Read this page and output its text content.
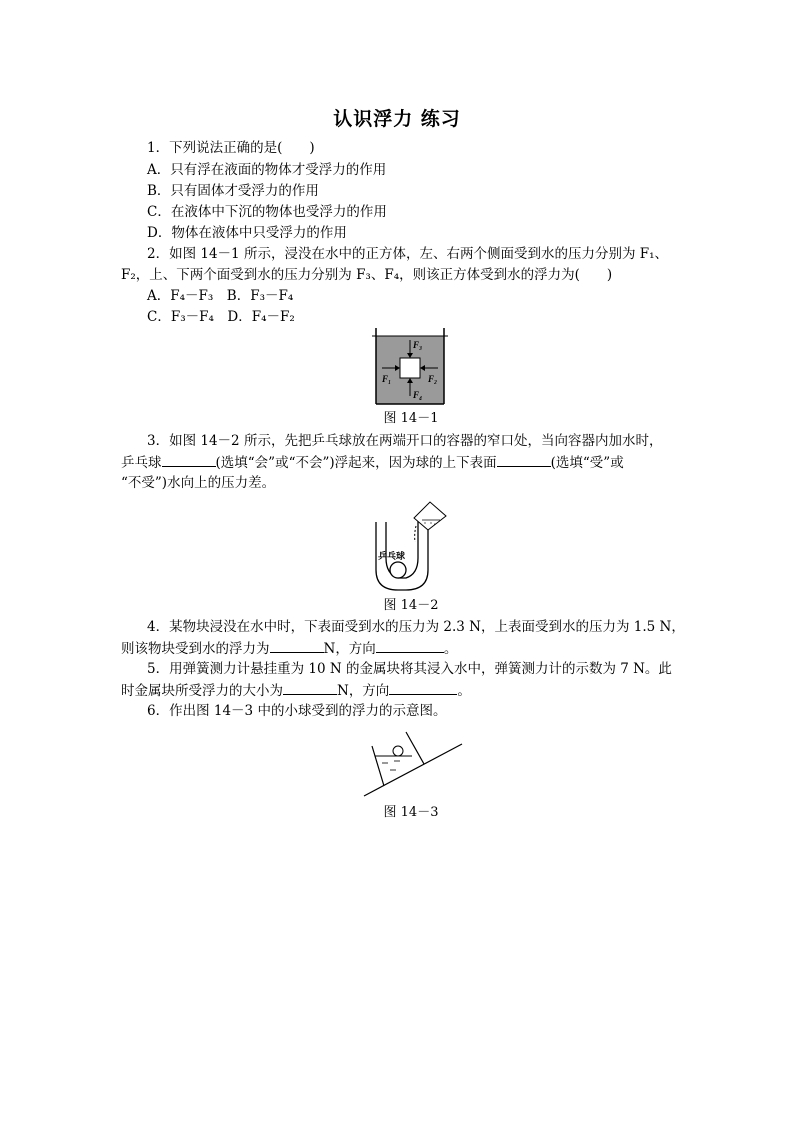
认识浮力 练习
1．下列说法正确的是(　　)
A．只有浮在液面的物体才受浮力的作用
B．只有固体才受浮力的作用
C．在液体中下沉的物体也受浮力的作用
D．物体在液体中只受浮力的作用
2．如图 14－1 所示，浸没在水中的正方体，左、右两个侧面受到水的压力分别为 F₁、
F₂，上、下两个面受到水的压力分别为 F₃、F₄，则该正方体受到水的浮力为(　　)
A．F₄－F₃　B．F₃－F₄
C．F₃－F₄　D．F₄－F₂
F₃
F₁	F₂
F₄
图 14－1
3．如图 14－2 所示，先把乒乓球放在两端开口的容器的窄口处，当向容器内加水时，
乒乓球	(选填“会”或“不会”)浮起来，因为球的上下表面	(选填“受”或
“不受”)水向上的压力差。
乒乓球
图 14－2
4．某物块浸没在水中时，下表面受到水的压力为 2.3 N，上表面受到水的压力为 1.5 N，
则该物块受到水的浮力为	N，方向	。
5．用弹簧测力计悬挂重为 10 N 的金属块将其浸入水中，弹簧测力计的示数为 7 N。此
时金属块所受浮力的大小为	N，方向	。
6．作出图 14－3 中的小球受到的浮力的示意图。
图 14－3
